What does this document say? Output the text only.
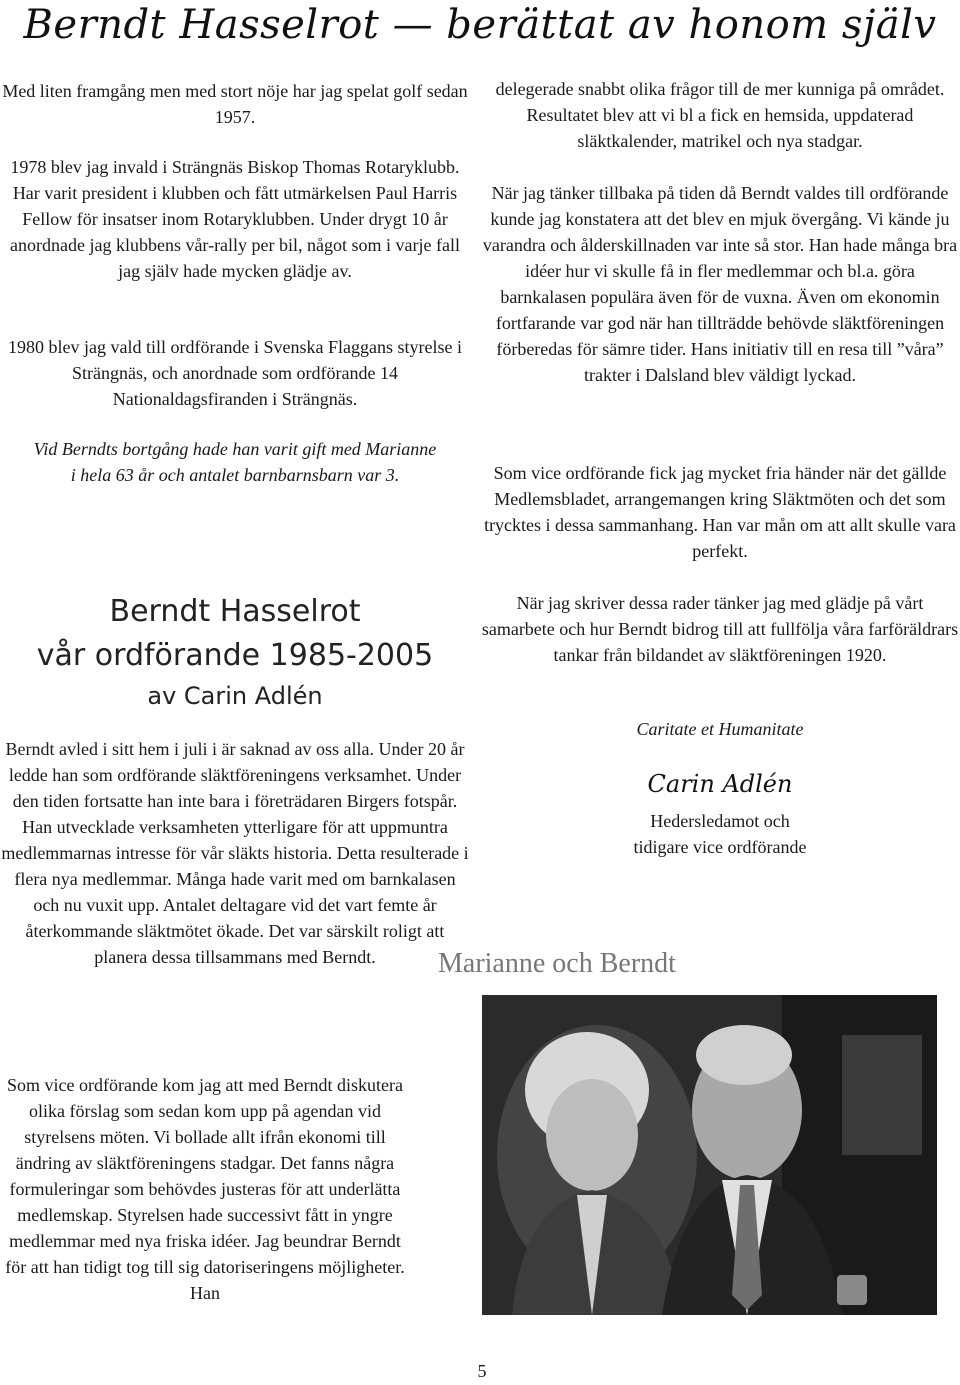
Berndt Hasselrot — berättat av honom själv

Med liten framgång men med stort nöje har jag spelat golf sedan 1957.

1978 blev jag invald i Strängnäs Biskop Thomas Rotaryklubb. Har varit president i klubben och fått utmärkelsen Paul Harris Fellow för insatser inom Rotaryklubben. Under drygt 10 år anordnade jag klubbens vår-rally per bil, något som i varje fall jag själv hade mycken glädje av.

1980 blev jag vald till ordförande i Svenska Flaggans styrelse i Strängnäs, och anordnade som ordförande 14 Nationaldagsfiranden i Strängnäs.

Vid Berndts bortgång hade han varit gift med Marianne i hela 63 år och antalet barnbarnsbarn var 3.

Berndt Hasselrot
vår ordförande 1985-2005
av Carin Adlén

Berndt avled i sitt hem i juli i är saknad av oss alla. Under 20 år ledde han som ordförande släktföreningens verksamhet. Under den tiden fortsatte han inte bara i företrädaren Birgers fotspår. Han utvecklade verksamheten ytterligare för att uppmuntra medlemmarnas intresse för vår släkts historia. Detta resulterade i flera nya medlemmar. Många hade varit med om barnkalasen och nu vuxit upp. Antalet deltagare vid det vart femte år återkommande släktmötet ökade. Det var särskilt roligt att planera dessa tillsammans med Berndt.

Som vice ordförande kom jag att med Berndt diskutera olika förslag som sedan kom upp på agendan vid styrelsens möten. Vi bollade allt ifrån ekonomi till ändring av släktföreningens stadgar. Det fanns några formuleringar som behövdes justeras för att underlätta medlemskap. Styrelsen hade successivt fått in yngre medlemmar med nya friska idéer. Jag beundrar Berndt för att han tidigt tog till sig datoriseringens möjligheter. Han

delegerade snabbt olika frågor till de mer kunniga på området. Resultatet blev att vi bl a fick en hemsida, uppdaterad släktkalender, matrikel och nya stadgar.

När jag tänker tillbaka på tiden då Berndt valdes till ordförande kunde jag konstatera att det blev en mjuk övergång. Vi kände ju varandra och ålderskillnaden var inte så stor. Han hade många bra idéer hur vi skulle få in fler medlemmar och bl.a. göra barnkalasen populära även för de vuxna. Även om ekonomin fortfarande var god när han tillträdde behövde släktföreningen förberedas för sämre tider. Hans initiativ till en resa till ”våra” trakter i Dalsland blev väldigt lyckad.

Som vice ordförande fick jag mycket fria händer när det gällde Medlemsbladet, arrangemangen kring Släktmöten och det som trycktes i dessa sammanhang. Han var mån om att allt skulle vara perfekt.

När jag skriver dessa rader tänker jag med glädje på vårt samarbete och hur Berndt bidrog till att fullfölja våra farföräldrars tankar från bildandet av släktföreningen 1920.

Caritate et Humanitate

Carin Adlén

Hedersledamot och

tidigare vice ordförande

Marianne och Berndt
5
